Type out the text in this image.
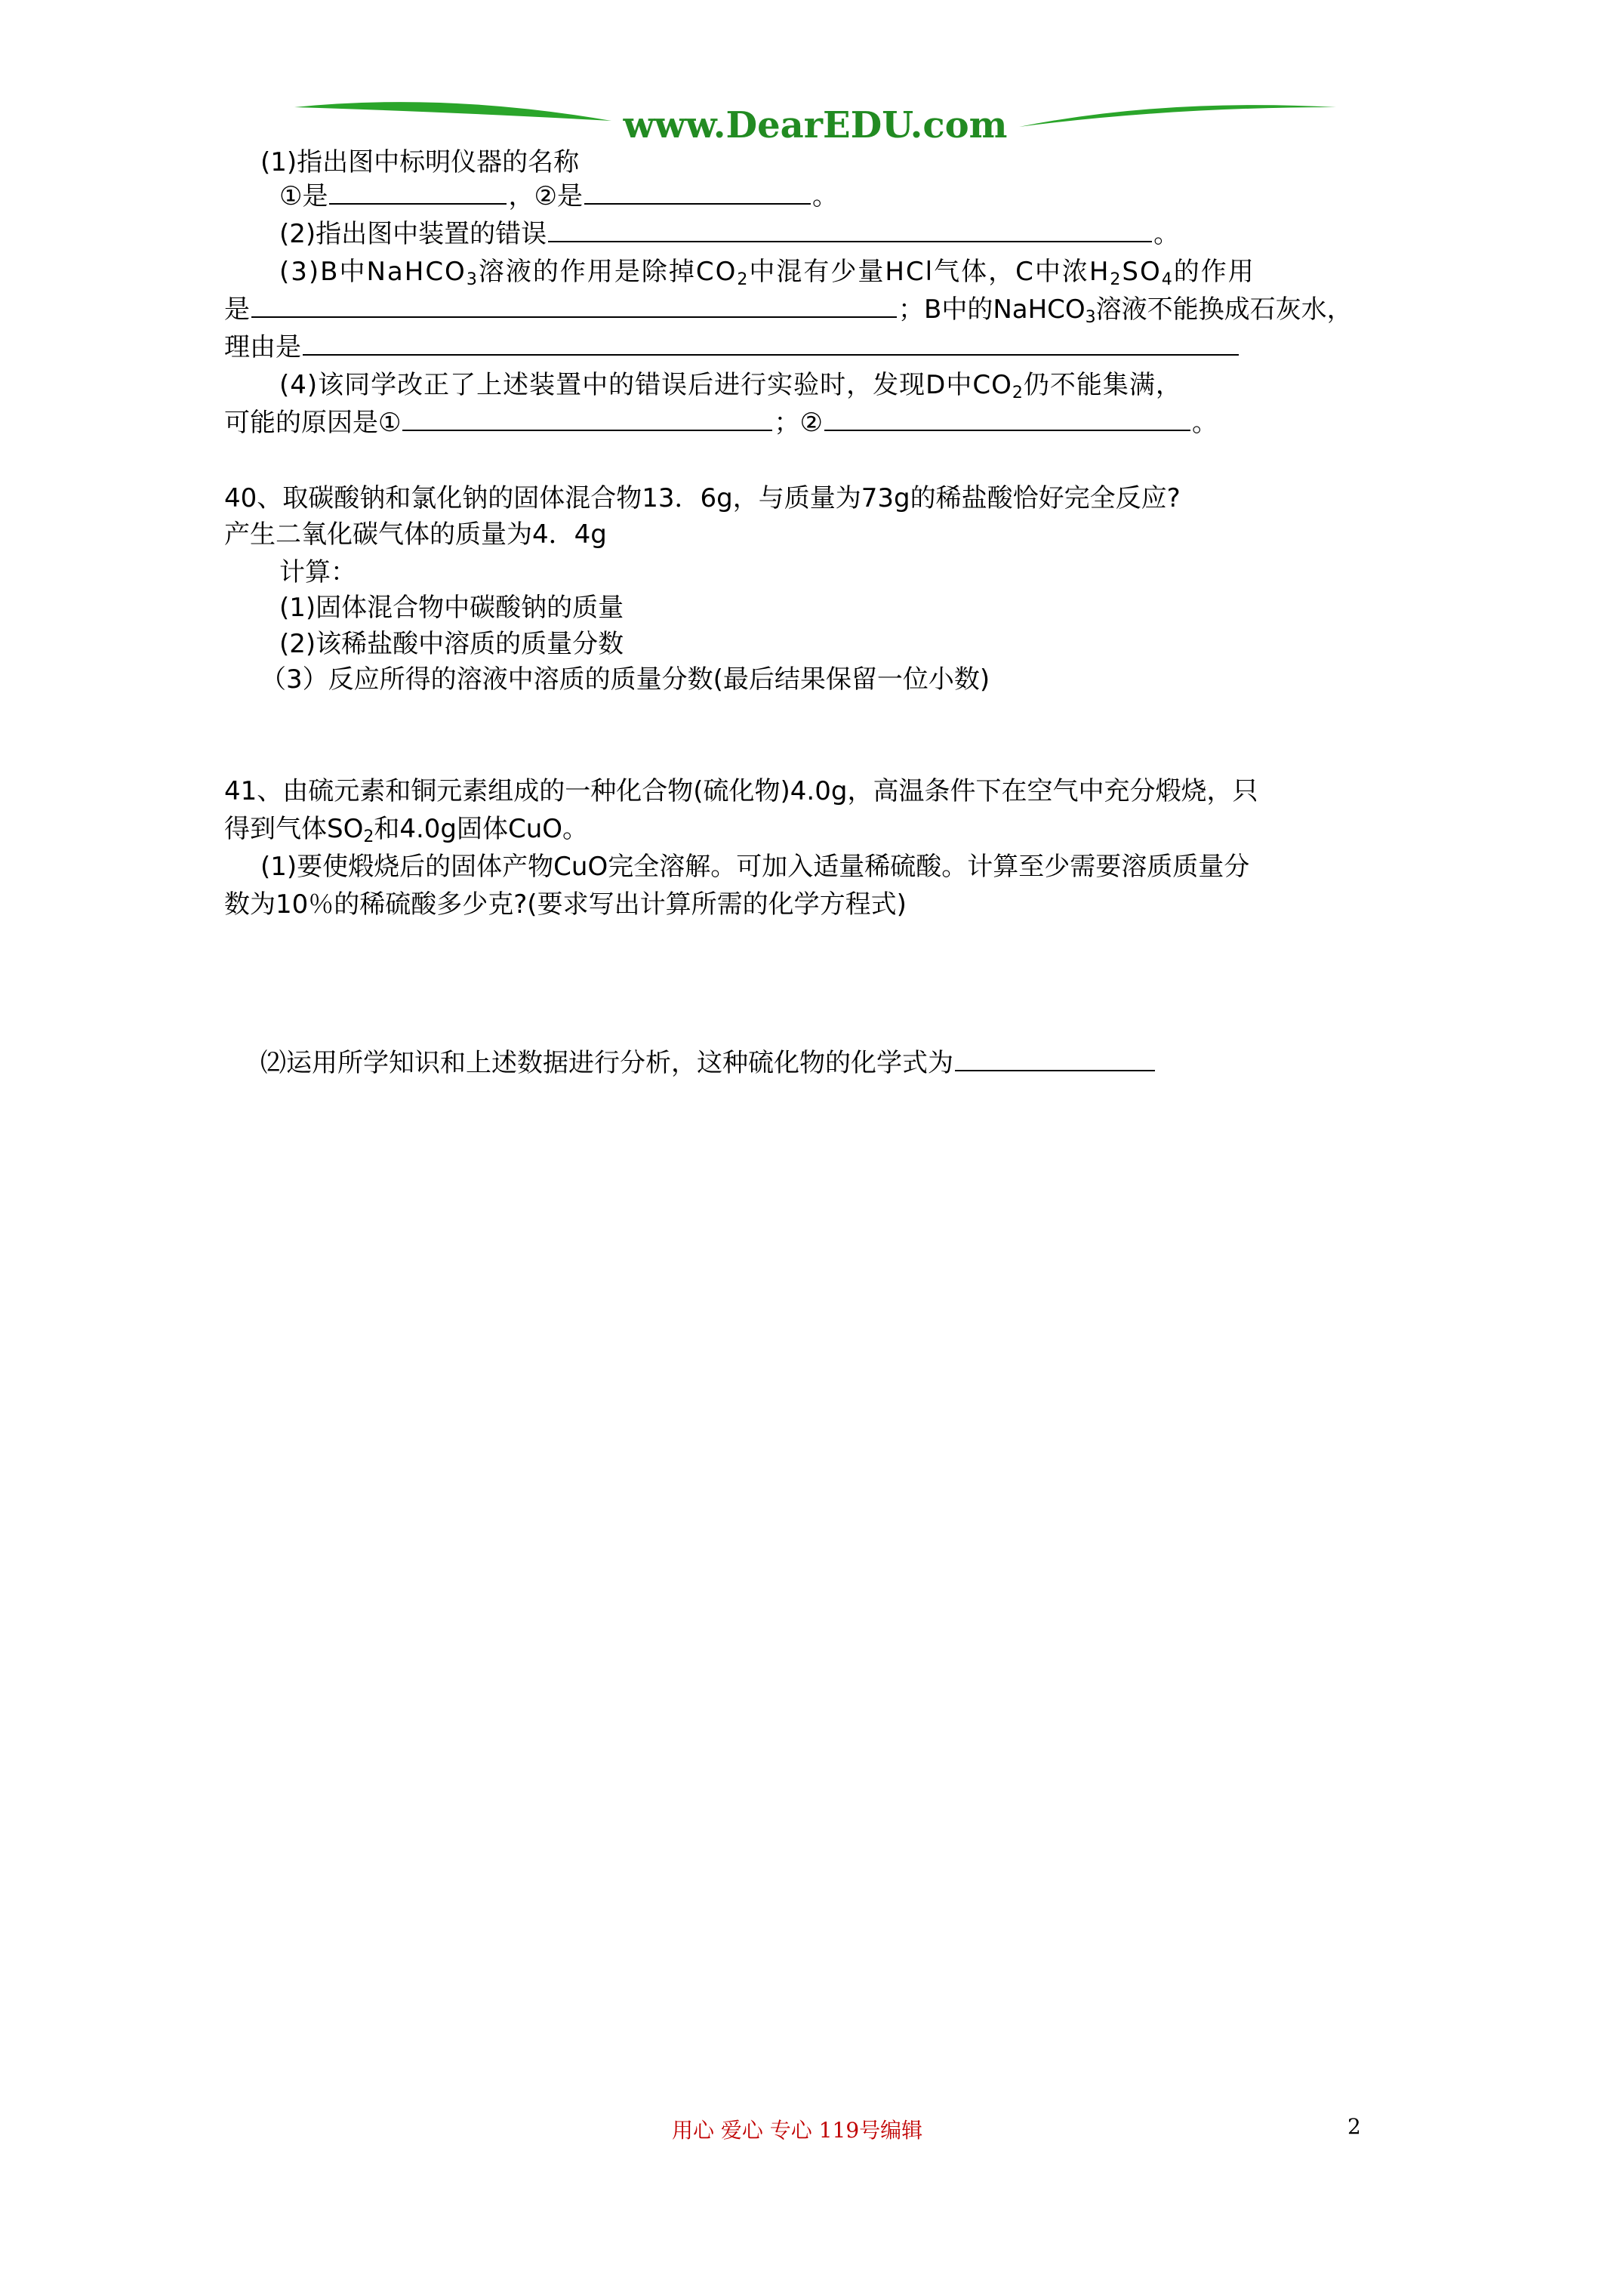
www.DearEDU.com
(1)指出图中标明仪器的名称
①是	，②是	。
(2)指出图中装置的错误	。
(3)B中NaHCO$_3$溶液的作用是除掉$CO_2$中混有少量HCl气体，C中浓$H_2SO_4$的作用
是	；B中的NaHCO$_3$溶液不能换成石灰水，
理由是
(4)该同学改正了上述装置中的错误后进行实验时，发现D中$CO_2$仍不能集满，
可能的原因是①	；②	。
40、取碳酸钠和氯化钠的固体混合物13．6g，与质量为73g的稀盐酸恰好完全反应?
产生二氧化碳气体的质量为4．4g
计算：
(1)固体混合物中碳酸钠的质量
(2)该稀盐酸中溶质的质量分数
（3）反应所得的溶液中溶质的质量分数(最后结果保留一位小数)
41、由硫元素和铜元素组成的一种化合物(硫化物)4.0g，高温条件下在空气中充分煅烧，只
得到气体$SO_2$和4.0g固体CuO。
(1)要使煅烧后的固体产物CuO完全溶解。可加入适量稀硫酸。计算至少需要溶质质量分
数为10％的稀硫酸多少克?(要求写出计算所需的化学方程式)
⑵运用所学知识和上述数据进行分析，这种硫化物的化学式为
用心 爱心 专心 119号编辑	2
